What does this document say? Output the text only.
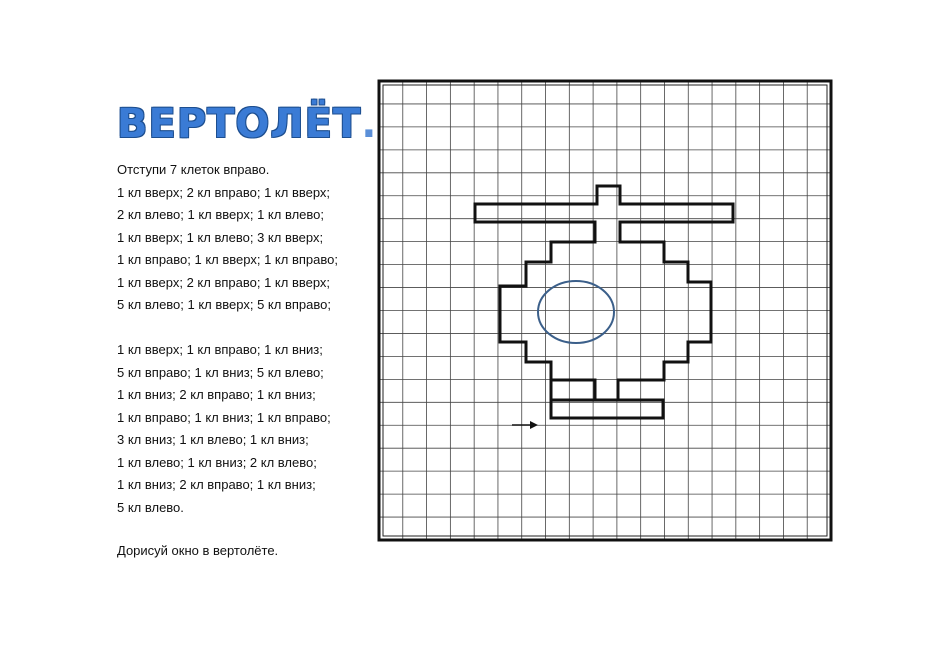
ВЕРТОЛЁТ.
Отступи 7 клеток вправо.
1 кл вверх; 2 кл вправо; 1 кл вверх;
2 кл влево; 1 кл вверх; 1 кл влево;
1 кл вверх; 1 кл влево; 3 кл вверх;
1 кл вправо; 1 кл вверх; 1 кл вправо;
1 кл вверх; 2 кл вправо; 1 кл вверх;
5 кл влево; 1 кл вверх; 5 кл вправо;
1 кл вверх; 1 кл вправо; 1 кл вниз;
5 кл вправо; 1 кл вниз; 5 кл влево;
1 кл вниз; 2 кл вправо; 1 кл вниз;
1 кл вправо; 1 кл вниз; 1 кл вправо;
3 кл вниз; 1 кл влево; 1 кл вниз;
1 кл влево; 1 кл вниз; 2 кл влево;
1 кл вниз; 2 кл вправо; 1 кл вниз;
5 кл влево.
Дорисуй окно в вертолёте.
